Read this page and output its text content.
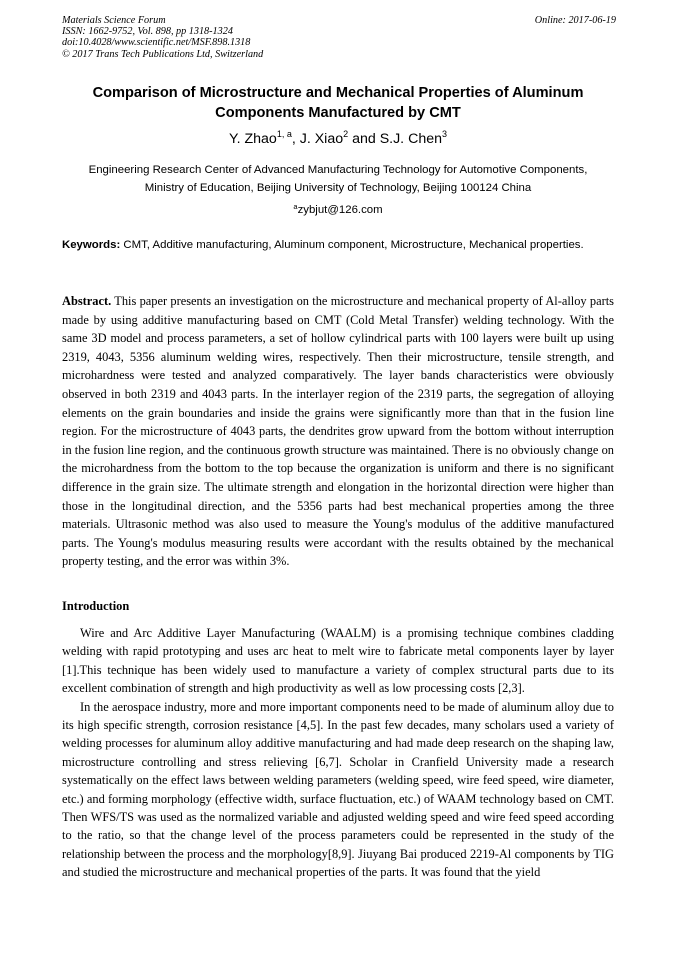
Materials Science Forum
ISSN: 1662-9752, Vol. 898, pp 1318-1324
doi:10.4028/www.scientific.net/MSF.898.1318
© 2017 Trans Tech Publications Ltd, Switzerland
Online: 2017-06-19
Comparison of Microstructure and Mechanical Properties of Aluminum Components Manufactured by CMT
Y. Zhao$^{1, a}$, J. Xiao$^2$ and S.J. Chen$^3$
Engineering Research Center of Advanced Manufacturing Technology for Automotive Components,
Ministry of Education, Beijing University of Technology, Beijing 100124 China
$^a$zybjut@126.com
Keywords: CMT, Additive manufacturing, Aluminum component, Microstructure, Mechanical properties.
Abstract. This paper presents an investigation on the microstructure and mechanical property of Al-alloy parts made by using additive manufacturing based on CMT (Cold Metal Transfer) welding technology. With the same 3D model and process parameters, a set of hollow cylindrical parts with 100 layers were built up using 2319, 4043, 5356 aluminum welding wires, respectively. Then their microstructure, tensile strength, and microhardness were tested and analyzed comparatively. The layer bands characteristics were obviously observed in both 2319 and 4043 parts. In the interlayer region of the 2319 parts, the segregation of alloying elements on the grain boundaries and inside the grains were significantly more than that in the fusion line region. For the microstructure of 4043 parts, the dendrites grow upward from the bottom without interruption in the fusion line region, and the continuous growth structure was maintained. There is no obviously change on the microhardness from the bottom to the top because the organization is uniform and there is no significant difference in the grain size. The ultimate strength and elongation in the horizontal direction were higher than those in the longitudinal direction, and the 5356 parts had best mechanical properties among the three materials. Ultrasonic method was also used to measure the Young's modulus of the additive manufactured parts. The Young's modulus measuring results were accordant with the results obtained by the mechanical property testing, and the error was within 3%.
Introduction

Wire and Arc Additive Layer Manufacturing (WAALM) is a promising technique combines cladding welding with rapid prototyping and uses arc heat to melt wire to fabricate metal components layer by layer [1].This technique has been widely used to manufacture a variety of complex structural parts due to its excellent combination of strength and high productivity as well as low processing costs [2,3].

In the aerospace industry, more and more important components need to be made of aluminum alloy due to its high specific strength, corrosion resistance [4,5]. In the past few decades, many scholars used a variety of welding processes for aluminum alloy additive manufacturing and had made deep research on the shaping law, microstructure controlling and stress relieving [6,7]. Scholar in Cranfield University made a research systematically on the effect laws between welding parameters (welding speed, wire feed speed, wire diameter, etc.) and forming morphology (effective width, surface fluctuation, etc.) of WAAM technology based on CMT. Then WFS/TS was used as the normalized variable and adjusted welding speed and wire feed speed according to the ratio, so that the change level of the process parameters could be represented in the study of the relationship between the process and the morphology[8,9]. Jiuyang Bai produced 2219-Al components by TIG and studied the microstructure and mechanical properties of the parts. It was found that the yield
